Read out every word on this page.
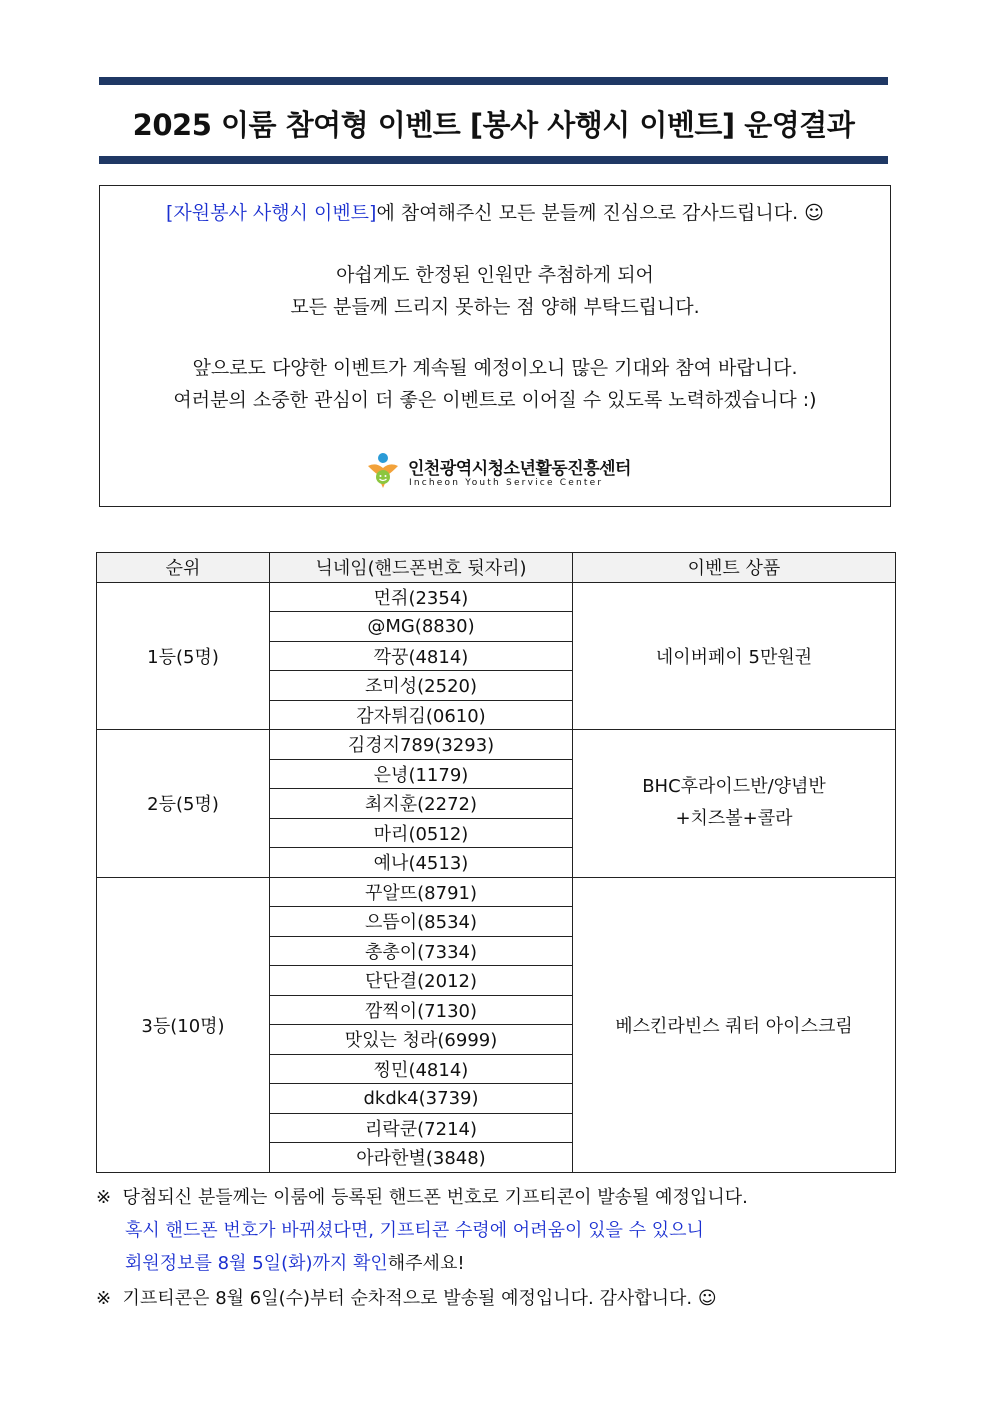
2025 이룸 참여형 이벤트 [봉사 사행시 이벤트] 운영결과
[자원봉사 사행시 이벤트]에 참여해주신 모든 분들께 진심으로 감사드립니다. ☺
아쉽게도 한정된 인원만 추첨하게 되어
모든 분들께 드리지 못하는 점 양해 부탁드립니다.
앞으로도 다양한 이벤트가 계속될 예정이오니 많은 기대와 참여 바랍니다.
여러분의 소중한 관심이 더 좋은 이벤트로 이어질 수 있도록 노력하겠습니다 :)
인천광역시청소년활동진흥센터
Incheon Youth Service Center
순위	닉네임(핸드폰번호 뒷자리)	이벤트 상품
1등(5명)	먼쥐(2354)	네이버페이 5만원권
	@MG(8830)	
	깍꿍(4814)	
	조미성(2520)	
	감자튀김(0610)	
2등(5명)	김경지789(3293)	BHC후라이드반/양념반
+치즈볼+콜라
	은녕(1179)	
	최지훈(2272)	
	마리(0512)	
	예나(4513)	
3등(10명)	꾸알뜨(8791)	베스킨라빈스 쿼터 아이스크림
	으뜸이(8534)	
	총총이(7334)	
	단단결(2012)	
	깜찍이(7130)	
	맛있는 청라(6999)	
	찡민(4814)	
	dkdk4(3739)	
	리락쿤(7214)	
	아라한별(3848)	
※ 당첨되신 분들께는 이룸에 등록된 핸드폰 번호로 기프티콘이 발송될 예정입니다.
혹시 핸드폰 번호가 바뀌셨다면, 기프티콘 수령에 어려움이 있을 수 있으니
회원정보를 8월 5일(화)까지 확인해주세요!
※ 기프티콘은 8월 6일(수)부터 순차적으로 발송될 예정입니다. 감사합니다. ☺
